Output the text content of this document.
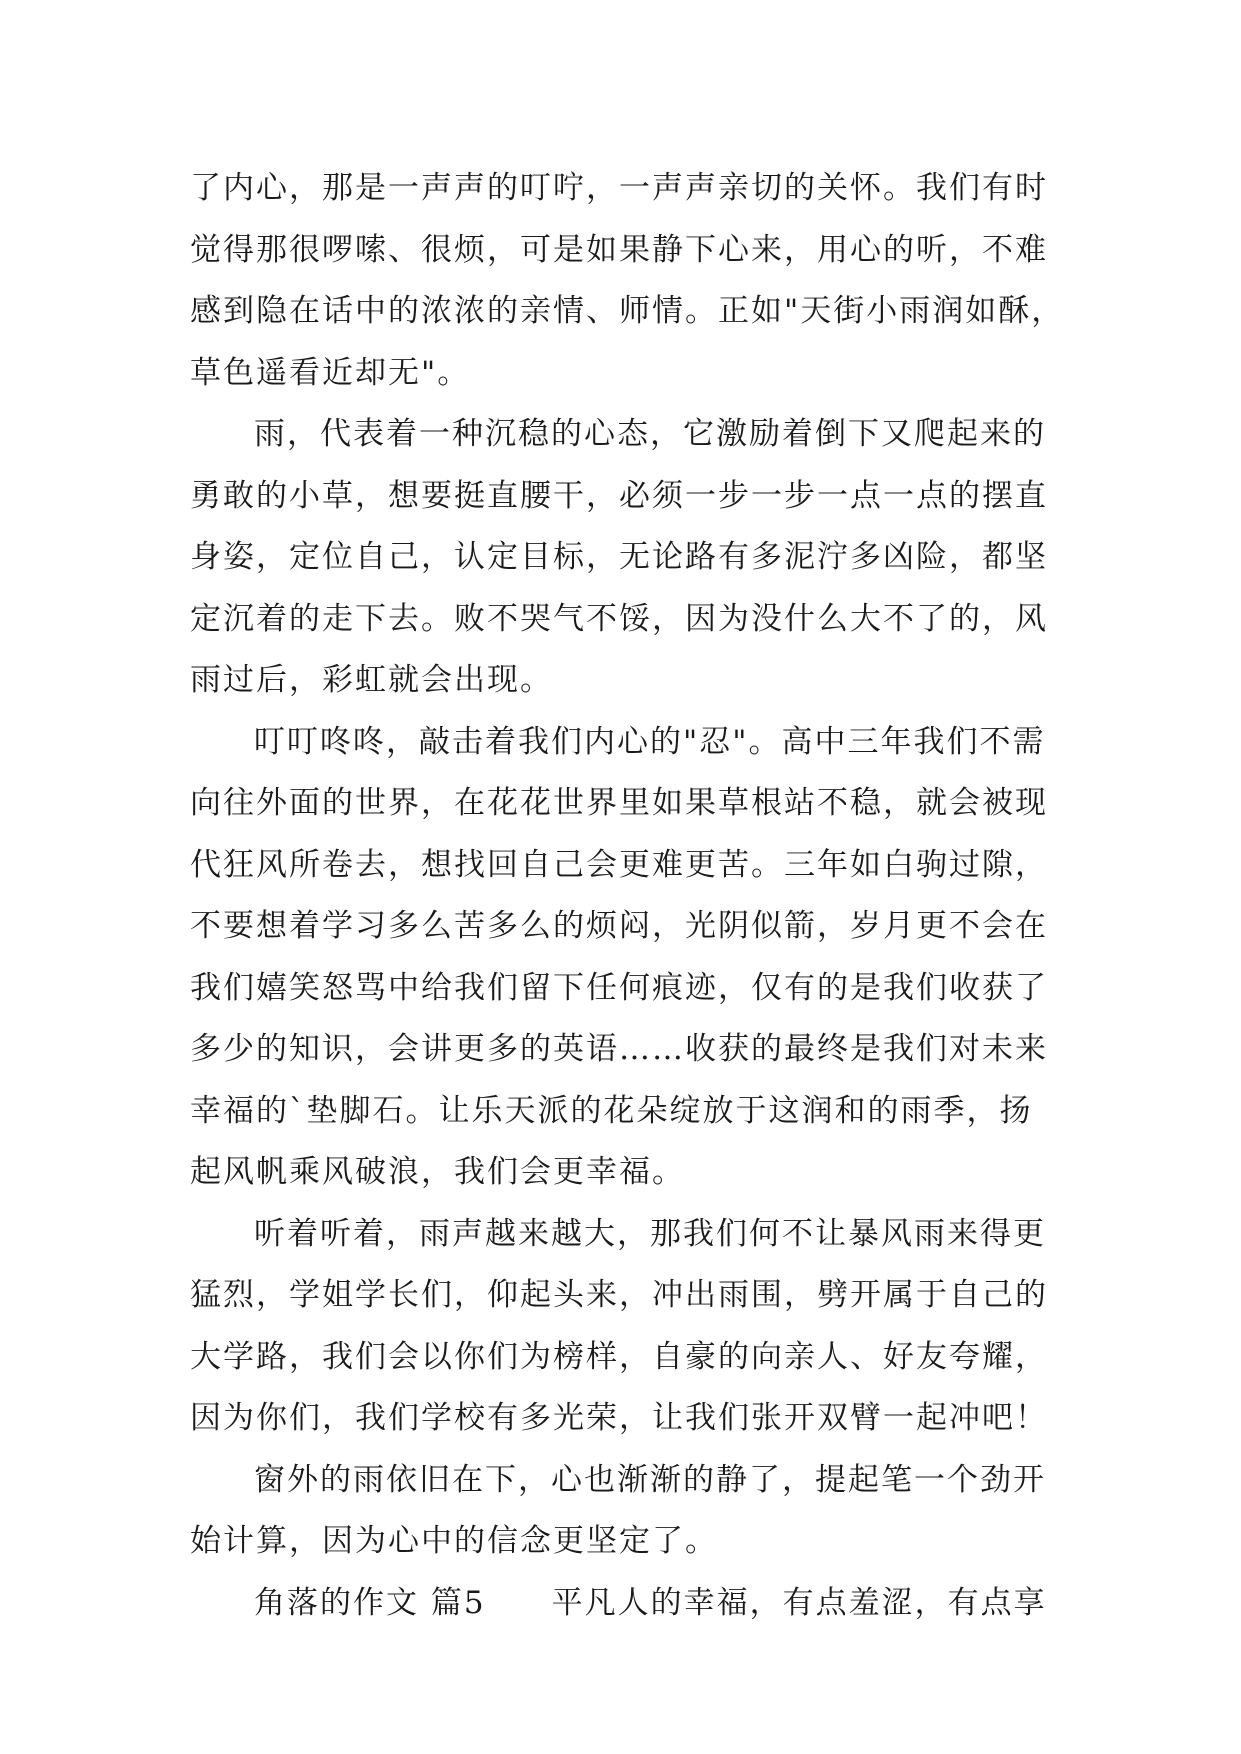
了内心，那是一声声的叮咛，一声声亲切的关怀。我们有时
觉得那很啰嗦、很烦，可是如果静下心来，用心的听，不难
感到隐在话中的浓浓的亲情、师情。正如"天街小雨润如酥，
草色遥看近却无"。
雨，代表着一种沉稳的心态，它激励着倒下又爬起来的
勇敢的小草，想要挺直腰干，必须一步一步一点一点的摆直
身姿，定位自己，认定目标，无论路有多泥泞多凶险，都坚
定沉着的走下去。败不哭气不馁，因为没什么大不了的，风
雨过后，彩虹就会出现。
叮叮咚咚，敲击着我们内心的"忍"。高中三年我们不需
向往外面的世界，在花花世界里如果草根站不稳，就会被现
代狂风所卷去，想找回自己会更难更苦。三年如白驹过隙，
不要想着学习多么苦多么的烦闷，光阴似箭，岁月更不会在
我们嬉笑怒骂中给我们留下任何痕迹，仅有的是我们收获了
多少的知识，会讲更多的英语……收获的最终是我们对未来
幸福的`垫脚石。让乐天派的花朵绽放于这润和的雨季，扬
起风帆乘风破浪，我们会更幸福。
听着听着，雨声越来越大，那我们何不让暴风雨来得更
猛烈，学姐学长们，仰起头来，冲出雨围，劈开属于自己的
大学路，我们会以你们为榜样，自豪的向亲人、好友夸耀，
因为你们，我们学校有多光荣，让我们张开双臂一起冲吧！
窗外的雨依旧在下，心也渐渐的静了，提起笔一个劲开
始计算，因为心中的信念更坚定了。
角落的作文 篇5　　平凡人的幸福，有点羞涩，有点享
